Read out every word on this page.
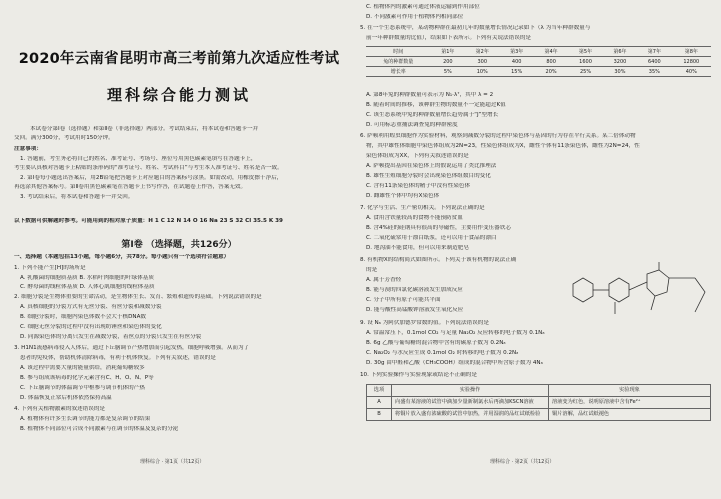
2020年云南省昆明市高三考前第九次适应性考试
理科综合能力测试
本试卷分第Ⅰ卷（选择题）和第Ⅱ卷（非选择题）两部分。考试结束后，将本试卷和答题卡一并
交回。满分300分，考试用时150分钟。
注意事项：
1. 答题前，考生务必将自己的姓名、准考证号、考场号、座位号用黑色碳素笔填写在答题卡上，
考生要认真核对答题卡上粘贴的条形码的“准考证号、姓名、考试科目”与考生本人准考证号、姓名是否一致。
2. 第Ⅰ卷每小题选出答案后，用2B铅笔把答题卡上对应题目的答案标号涂黑。如需改动，用橡皮擦干净后，
再选涂其他答案标号。第Ⅱ卷用黑色碳素笔在答题卡上书写作答，在试题卷上作答，答案无效。
3. 考试结束后，将本试卷和答题卡一并交回。
以下数据可供解题时参考。可能用到的相对原子质量：H 1 C 12 N 14 O 16 Na 23 S 32 Cl 35.5 K 39
第Ⅰ卷 （选择题，共126分）
一、选择题（本题包括13小题，每小题6分，共78分。每小题只有一个选项符合题意）
1. 下列不能产生[H]的场所是
A. 乳酸菌的细胞质基质 B. 水稻叶肉细胞的叶绿体基质
C. 酵母菌的线粒体基质 D. 人体心肌细胞的线粒体基质
2. 细胞分裂是生物体重要的生命活动，是生物体生长、发育、繁殖和遗传的基础。下列说法错误的是
A. 真核细胞的分裂方式有无丝分裂、有丝分裂和减数分裂
B. 细胞分裂时，细胞内染色体数不会大于核DNA数
C. 细胞无丝分裂的过程中没有出现纺锤丝和染色体的变化
D. 同源染色体的分离只发生在减数分裂，着丝点的分裂只发生在有丝分裂
3. H1N1流感病毒侵入人体后，通过下丘脑调节产热增加而引起发热，细胞呼吸增强。从而为了
患者的免疫体，帮助机体清除病毒，有利于机体恢复。下列有关叙述，错误的是
A. 该过程中需要大量的能量供给，消耗葡萄糖较多
B. 参与组成该病毒的化学元素含有C、H、O、N、P等
C. 下丘脑调节的体温调节中枢参与调节机体的产热
D. 体温恢复正常后机体依然保持高温
4. 下列有关植物激素的叙述错误的是
A. 植物体有许多生长调节的能力都是复杂调节的结果
B. 植物体不同部位可合成不同激素与在调节的体温及复杂的分泌
理科综合 · 第1页（共12页）
C. 植物体内的激素可通过体液运输到作用部位
D. 不同激素可作用于植物体内相同部位
5. 在一个生态系统中，某动物种群在最初几年的数量增长情况记录如下（λ 为当年种群数量与
前一年种群数量的比值），结果如下表所示。下列有关说法错误的是
时间	第1年	第2年	第3年	第4年	第5年	第6年	第7年	第8年
兔的种群数量	200	300	400	800	1600	3200	6400	12800
增长率	5%	10%	15%	20%	25%	30%	35%	40%
A. 第8年兔的种群数量可表示为 N₁·λ⁷，其中 λ = 2
B. 随着时间的推移，该种群生物的数量不一定能超过K值
C. 该生态系统中兔的种群数量增长趋势属于“J”型增长
D. 可用标志重捕法调查兔的种群密度
6. 萨顿利用蝗虫细胞作为实验材料，观察到减数分裂的过程中染色体与基因的行为存在平行关系。某二倍体动物
物，其中雄性体细胞中染色体组成为2N=23，性染色体组成为X，雌性个体有11条染色体，雌性为2N=24，性
染色体组成为XX，下列有关叙述错误的是
A. 萨顿提出基因在染色体上的假说运用了类比推理法
B. 雄性生殖细胞分裂时会出现染色体组数目的变化
C. 含有11条染色体的精子中没有性染色体
D. 雌雄性个体中均有X染色体
7. 化学与生活、生产密切相关。下列说法正确的是
A. 食用含铁量较高的食物不能预防贫血
B. 含4%硅的硅钢具有很高的导磁性，主要用作变压器铁芯
C. 二氧化硫常用于漂白纸浆，还可以用于食品的漂白
D. 地沟油不能食用，但可以用来制造肥皂
8. 有机物X的结构简式如图所示。下列关于该有机物的说法正确
的是
A. 属于芳香烃
B. 能与溴的四氯化碳溶液发生加成反应
C. 分子中所有原子可能共平面
D. 能与酸性高锰酸钾溶液发生氧化反应
9. 设 Nₐ 为阿伏加德罗常数的值。下列说法错误的是
A. 常温常压下，0.1mol CO₂ 与足量 Na₂O₂ 反应转移的电子数为 0.1Nₐ
B. 6g 乙酸与葡萄糖的混合物中含有的碳原子数为 0.2Nₐ
C. Na₂O₂ 与水反应生成 0.1mol O₂ 时转移的电子数为 0.2Nₐ
D. 30g 由甲醛和乙酸（CH₃COOH）组成的混合物中所含原子数为 4Nₐ
10. 下列实验操作与实验现象或结论不正确的是
选项	实验操作	实验现象
A	向盛有某溶液的试管中滴加少量新制氯水后再滴加KSCN溶液	溶液变为红色，说明原溶液中含有Fe²⁺
B	将铜片放入盛有浓硫酸的试管中加热，并用湿润的品红试纸检验	铜片溶解，品红试纸褪色
理科综合 · 第2页（共12页）
